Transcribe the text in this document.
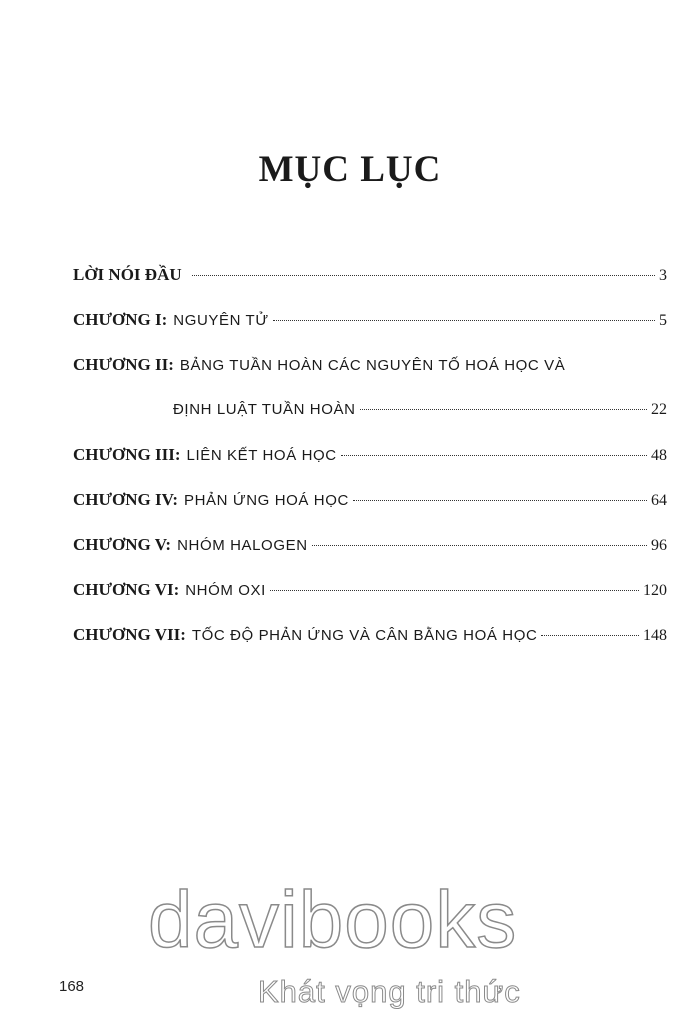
MỤC LỤC
LỜI NÓI ĐẦU	3
CHƯƠNG I: NGUYÊN TỬ	5
CHƯƠNG II: BẢNG TUẦN HOÀN CÁC NGUYÊN TỐ HOÁ HỌC VÀ
ĐỊNH LUẬT TUẦN HOÀN	22
CHƯƠNG III: LIÊN KẾT HOÁ HỌC	48
CHƯƠNG IV: PHẢN ỨNG HOÁ HỌC	64
CHƯƠNG V: NHÓM HALOGEN	96
CHƯƠNG VI: NHÓM OXI	120
CHƯƠNG VII: TỐC ĐỘ PHẢN ỨNG VÀ CÂN BẰNG HOÁ HỌC	148
davibooks
Khát vọng tri thức
168
